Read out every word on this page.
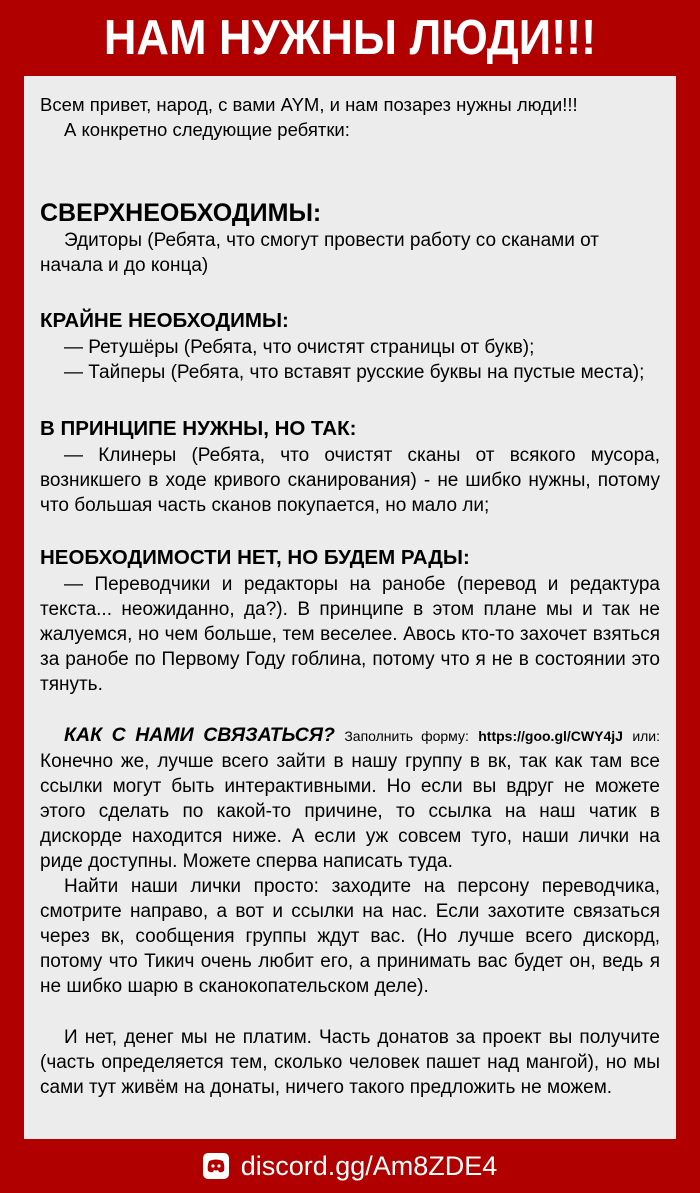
НАМ НУЖНЫ ЛЮДИ!!!

Всем привет, народ, с вами AYM, и нам позарез нужны люди!!!

А конкретно следующие ребятки:

СВЕРХНЕОБХОДИМЫ:

Эдиторы (Ребята, что смогут провести работу со сканами от начала и до конца)

КРАЙНЕ НЕОБХОДИМЫ:

— Ретушёры (Ребята, что очистят страницы от букв);

— Тайперы (Ребята, что вставят русские буквы на пустые места);

В ПРИНЦИПЕ НУЖНЫ, НО ТАК:

— Клинеры (Ребята, что очистят сканы от всякого мусора, возникшего в ходе кривого сканирования) - не шибко нужны, потому что большая часть сканов покупается, но мало ли;

НЕОБХОДИМОСТИ НЕТ, НО БУДЕМ РАДЫ:

— Переводчики и редакторы на ранобе (перевод и редактура текста... неожиданно, да?). В принципе в этом плане мы и так не жалуемся, но чем больше, тем веселее. Авось кто-то захочет взяться за ранобе по Первому Году гоблина, потому что я не в состоянии это тянуть.

КАК С НАМИ СВЯЗАТЬСЯ? Заполнить форму: https://goo.gl/CWY4jJ или: Конечно же, лучше всего зайти в нашу группу в вк, так как там все ссылки могут быть интерактивными. Но если вы вдруг не можете этого сделать по какой-то причине, то ссылка на наш чатик в дискорде находится ниже. А если уж совсем туго, наши лички на риде доступны. Можете сперва написать туда.

Найти наши лички просто: заходите на персону переводчика, смотрите направо, а вот и ссылки на нас. Если захотите связаться через вк, сообщения группы ждут вас. (Но лучше всего дискорд, потому что Тикич очень любит его, а принимать вас будет он, ведь я не шибко шарю в сканокопательском деле).

И нет, денег мы не платим. Часть донатов за проект вы получите (часть определяется тем, сколько человек пашет над мангой), но мы сами тут живём на донаты, ничего такого предложить не можем.

discord.gg/Am8ZDE4
